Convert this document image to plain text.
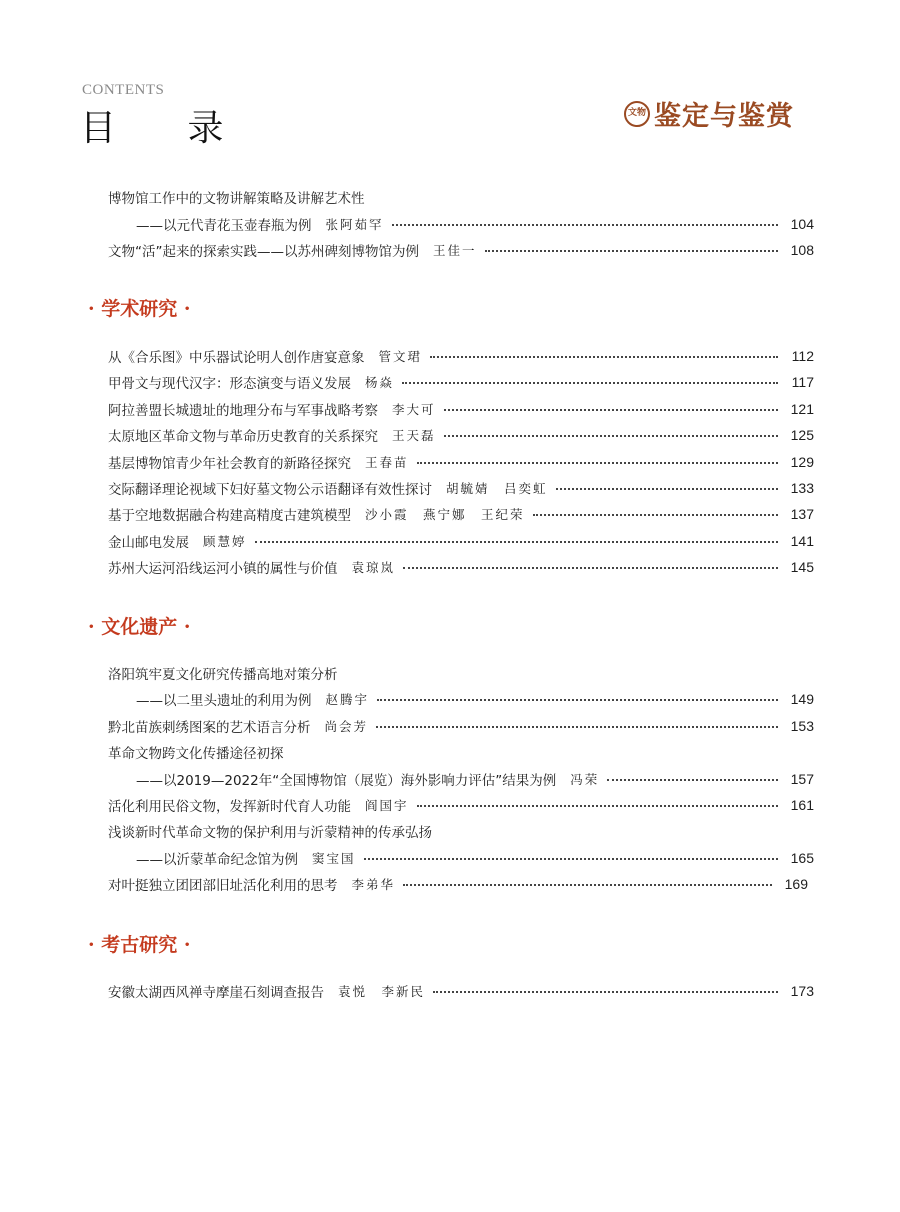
CONTENTS
目 录	文物 鉴定与鉴赏
博物馆工作中的文物讲解策略及讲解艺术性
——以元代青花玉壶春瓶为例 张阿茹罕	104
文物“活”起来的探索实践——以苏州碑刻博物馆为例 王佳一	108
· 学术研究 ·
从《合乐图》中乐器试论明人创作唐宴意象 管文珺	112
甲骨文与现代汉字：形态演变与语义发展 杨焱	117
阿拉善盟长城遗址的地理分布与军事战略考察 李大可	121
太原地区革命文物与革命历史教育的关系探究 王天磊	125
基层博物馆青少年社会教育的新路径探究 王春苗	129
交际翻译理论视域下妇好墓文物公示语翻译有效性探讨 胡毓婧　吕奕虹	133
基于空地数据融合构建高精度古建筑模型 沙小霞　燕宁娜　王纪荣	137
金山邮电发展 顾慧婷	141
苏州大运河沿线运河小镇的属性与价值 袁琼岚	145
· 文化遗产 ·
洛阳筑牢夏文化研究传播高地对策分析
——以二里头遗址的利用为例 赵腾宇	149
黔北苗族刺绣图案的艺术语言分析 尚会芳	153
革命文物跨文化传播途径初探
——以2019—2022年“全国博物馆（展览）海外影响力评估”结果为例 冯荣	157
活化利用民俗文物，发挥新时代育人功能 阎国宇	161
浅谈新时代革命文物的保护利用与沂蒙精神的传承弘扬
——以沂蒙革命纪念馆为例 窦宝国	165
对叶挺独立团团部旧址活化利用的思考 李弟华	169
· 考古研究 ·
安徽太湖西风禅寺摩崖石刻调查报告 袁悦　李新民	173
